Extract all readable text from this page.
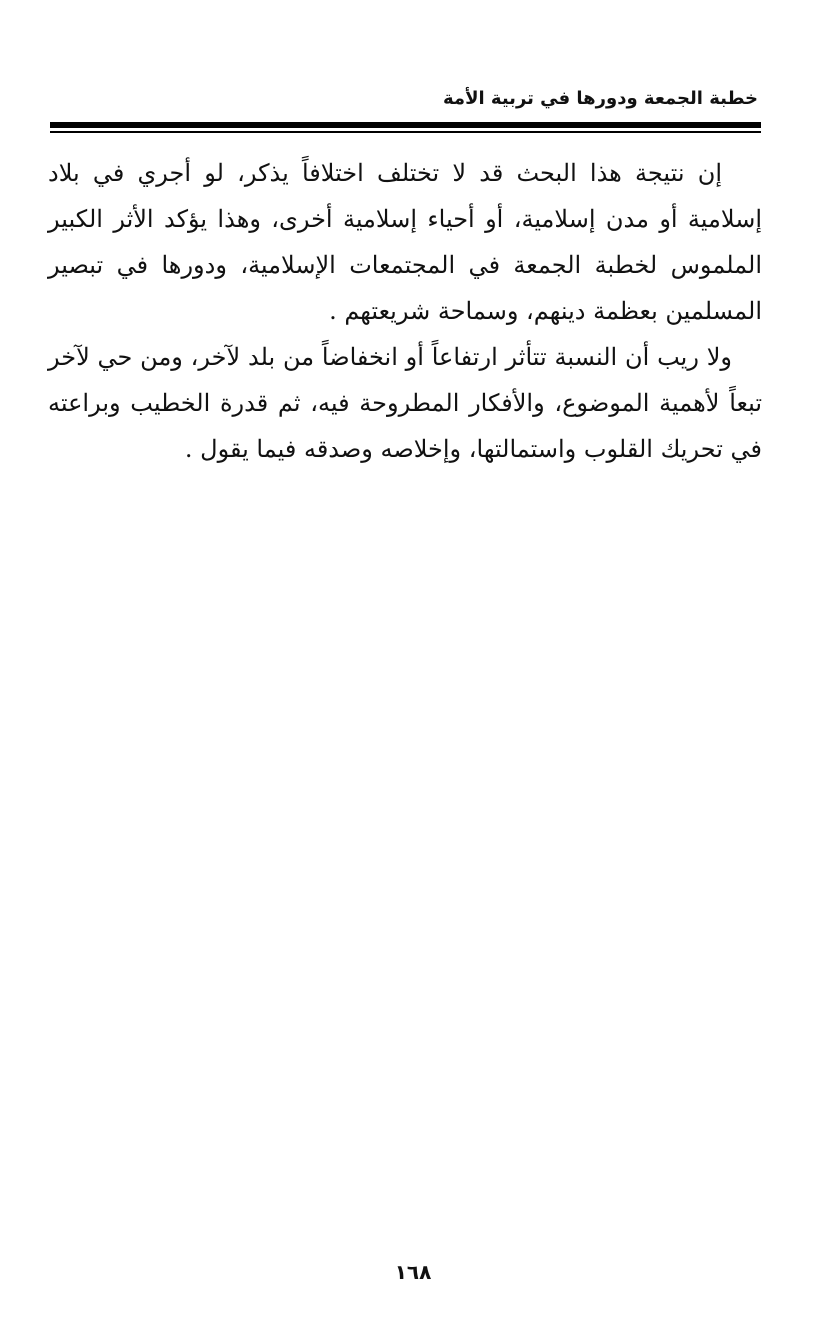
خطبة الجمعة ودورها في تربية الأمة

إن نتيجة هذا البحث قد لا تختلف اختلافاً يذكر، لو أجري في بلاد إسلامية أو مدن إسلامية، أو أحياء إسلامية أخرى، وهذا يؤكد الأثر الكبير الملموس لخطبة الجمعة في المجتمعات الإسلامية، ودورها في تبصير المسلمين بعظمة دينهم، وسماحة شريعتهم .

ولا ريب أن النسبة تتأثر ارتفاعاً أو انخفاضاً من بلد لآخر، ومن حي لآخر تبعاً لأهمية الموضوع، والأفكار المطروحة فيه، ثم قدرة الخطيب وبراعته في تحريك القلوب واستمالتها، وإخلاصه وصدقه فيما يقول .

١٦٨
